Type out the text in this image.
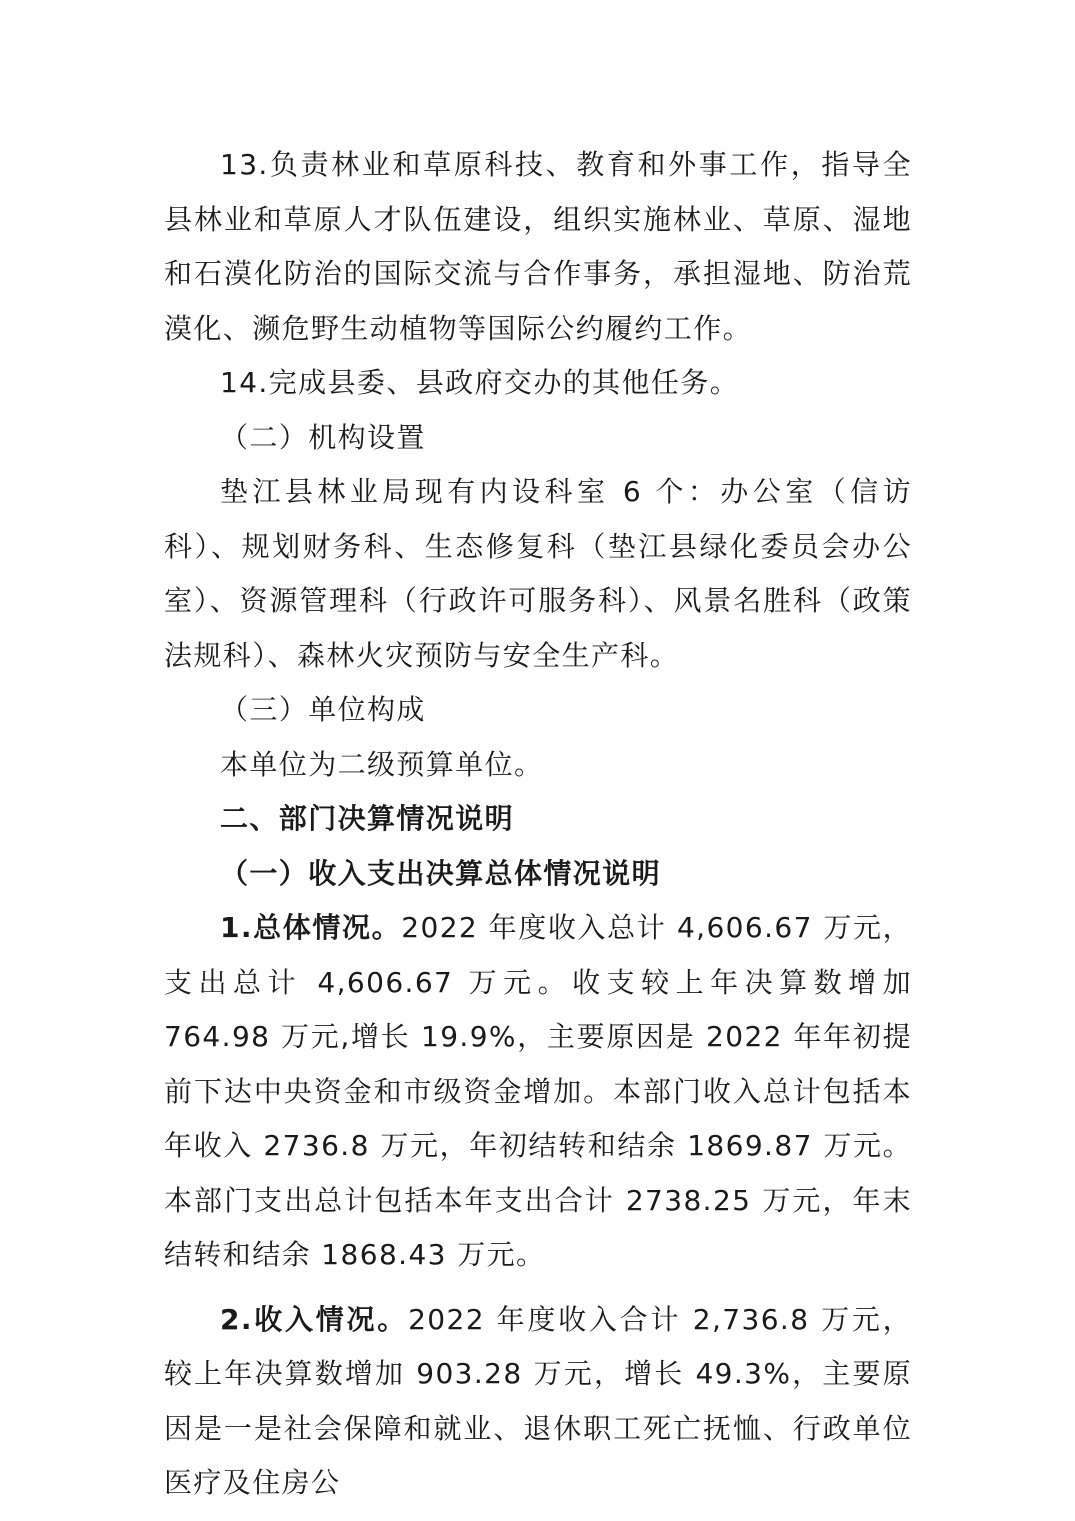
13.负责林业和草原科技、教育和外事工作，指导全县林业和草原人才队伍建设，组织实施林业、草原、湿地和石漠化防治的国际交流与合作事务，承担湿地、防治荒漠化、濒危野生动植物等国际公约履约工作。

14.完成县委、县政府交办的其他任务。

（二）机构设置

垫江县林业局现有内设科室 6 个：办公室（信访科）、规划财务科、生态修复科（垫江县绿化委员会办公室）、资源管理科（行政许可服务科）、风景名胜科（政策法规科）、森林火灾预防与安全生产科。

（三）单位构成

本单位为二级预算单位。

二、部门决算情况说明

（一）收入支出决算总体情况说明

1.总体情况。2022 年度收入总计 4,606.67 万元，支出总计 4,606.67 万元。收支较上年决算数增加 764.98 万元,增长 19.9%，主要原因是 2022 年年初提前下达中央资金和市级资金增加。本部门收入总计包括本年收入 2736.8 万元，年初结转和结余 1869.87 万元。本部门支出总计包括本年支出合计 2738.25 万元，年末结转和结余 1868.43 万元。

2.收入情况。2022 年度收入合计 2,736.8 万元，较上年决算数增加 903.28 万元，增长 49.3%，主要原因是一是社会保障和就业、退休职工死亡抚恤、行政单位医疗及住房公
